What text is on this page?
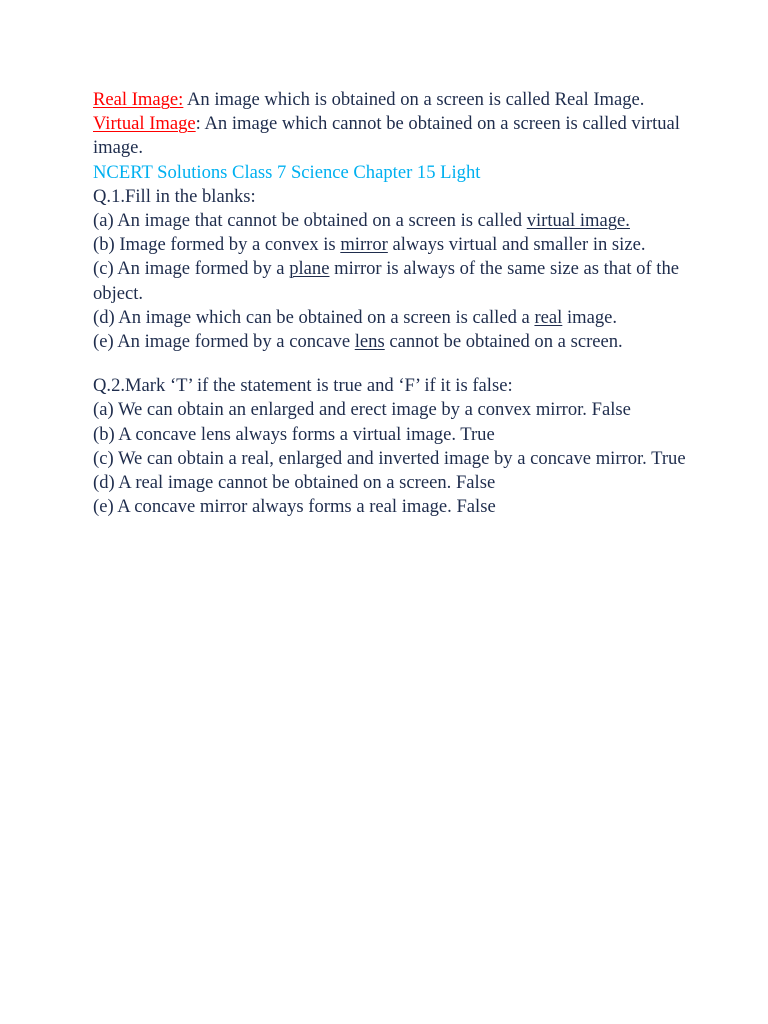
Real Image: An image which is obtained on a screen is called Real Image.

Virtual Image: An image which cannot be obtained on a screen is called virtual image.

NCERT Solutions Class 7 Science Chapter 15 Light

Q.1.Fill in the blanks:

(a) An image that cannot be obtained on a screen is called virtual image.

(b) Image formed by a convex is mirror always virtual and smaller in size.

(c) An image formed by a plane mirror is always of the same size as that of the object.

(d) An image which can be obtained on a screen is called a real image.

(e) An image formed by a concave lens cannot be obtained on a screen.

Q.2.Mark ‘T’ if the statement is true and ‘F’ if it is false:

(a) We can obtain an enlarged and erect image by a convex mirror. False

(b) A concave lens always forms a virtual image. True

(c) We can obtain a real, enlarged and inverted image by a concave mirror. True

(d) A real image cannot be obtained on a screen. False

(e) A concave mirror always forms a real image. False
